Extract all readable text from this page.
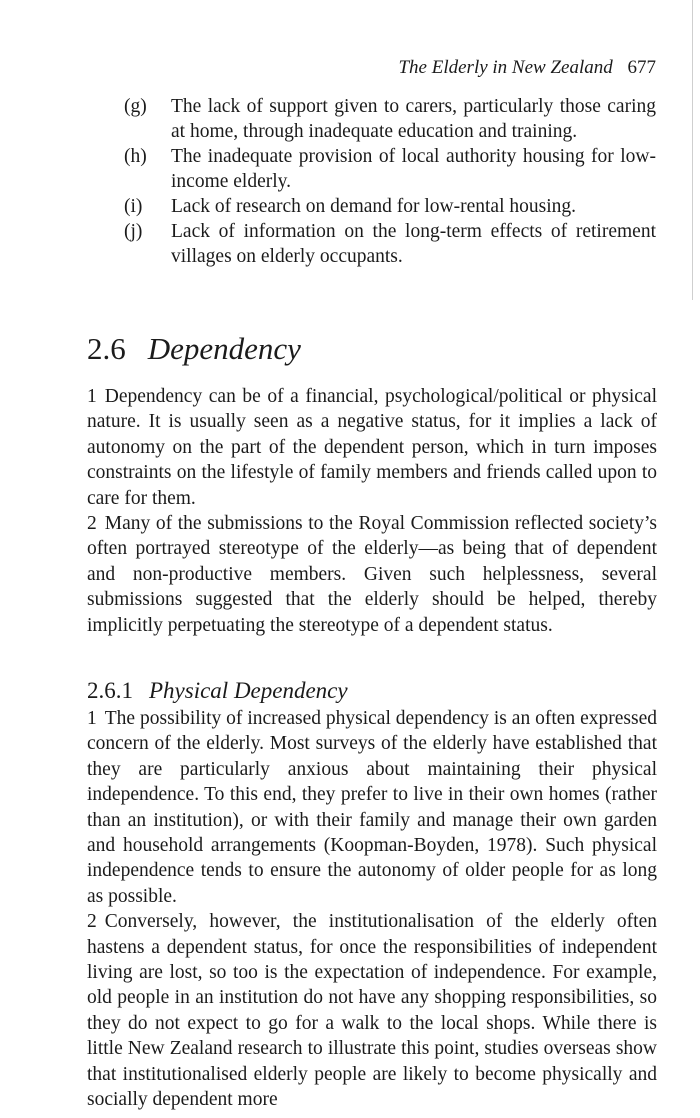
The Elderly in New Zealand 677
(g) The lack of support given to carers, particularly those caring at home, through inadequate education and training.
(h) The inadequate provision of local authority housing for low-income elderly.
(i) Lack of research on demand for low-rental housing.
(j) Lack of information on the long-term effects of retirement villages on elderly occupants.
2.6 Dependency

1 Dependency can be of a financial, psychological/political or physical nature. It is usually seen as a negative status, for it implies a lack of autonomy on the part of the dependent person, which in turn imposes constraints on the lifestyle of family members and friends called upon to care for them.

2 Many of the submissions to the Royal Commission reflected society’s often portrayed stereotype of the elderly—as being that of dependent and non-productive members. Given such helplessness, several submissions suggested that the elderly should be helped, thereby implicitly perpetuating the stereotype of a dependent status.

2.6.1 Physical Dependency

1 The possibility of increased physical dependency is an often expressed concern of the elderly. Most surveys of the elderly have established that they are particularly anxious about maintaining their physical independence. To this end, they prefer to live in their own homes (rather than an institution), or with their family and manage their own garden and household arrangements (Koopman-Boyden, 1978). Such physical independence tends to ensure the autonomy of older people for as long as possible.

2 Conversely, however, the institutionalisation of the elderly often hastens a dependent status, for once the responsibilities of independent living are lost, so too is the expectation of independence. For example, old people in an institution do not have any shopping responsibilities, so they do not expect to go for a walk to the local shops. While there is little New Zealand research to illustrate this point, studies overseas show that institutionalised elderly people are likely to become physically and socially dependent more
